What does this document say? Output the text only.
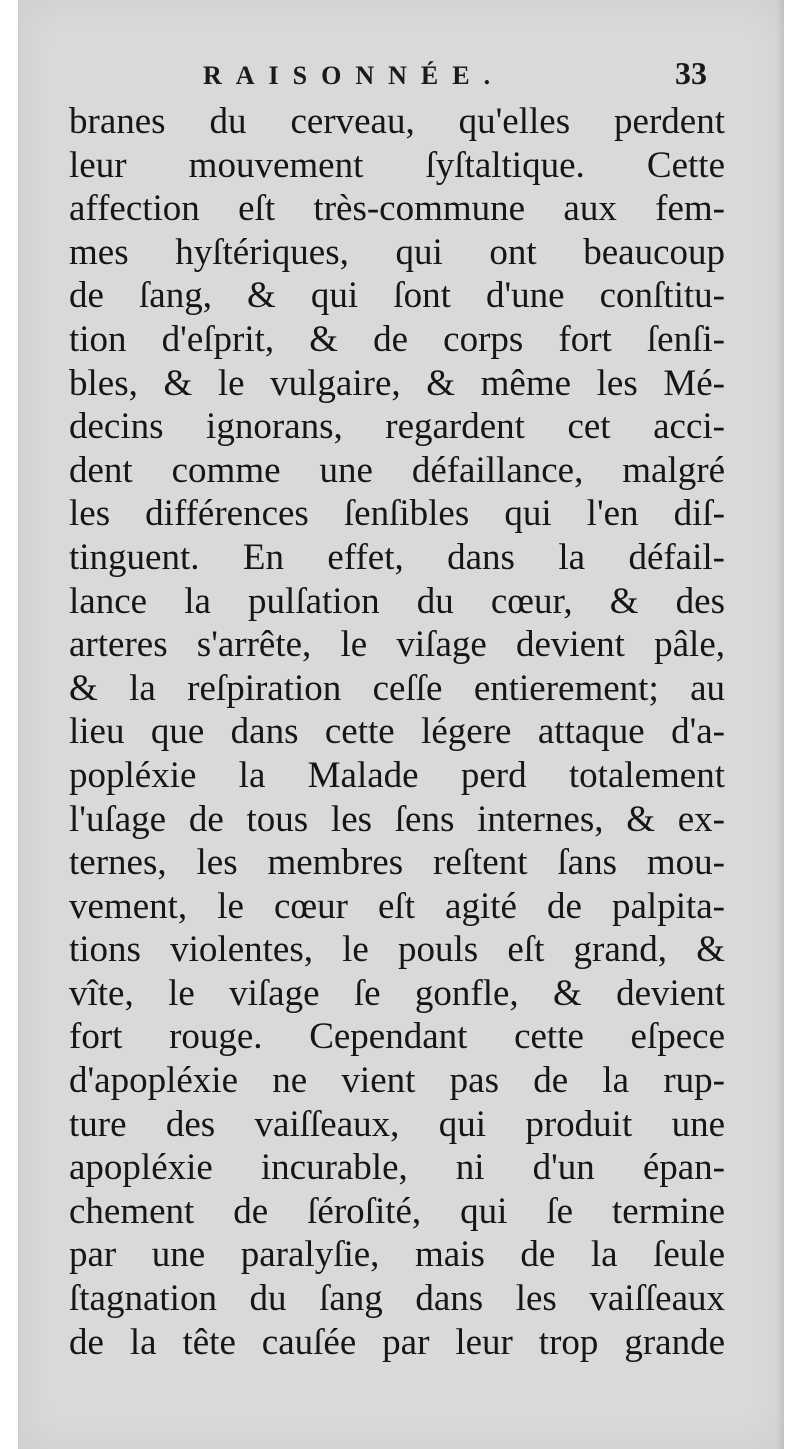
RAISONNÉE.	33
branes du cerveau, qu'elles perdent
leur mouvement ſyſtaltique. Cette
affection eſt très-commune aux fem-
mes hyſtériques, qui ont beaucoup
de ſang, & qui ſont d'une conſtitu-
tion d'eſprit, & de corps fort ſenſi-
bles, & le vulgaire, & même les Mé-
decins ignorans, regardent cet acci-
dent comme une défaillance, malgré
les différences ſenſibles qui l'en diſ-
tinguent. En effet, dans la défail-
lance la pulſation du cœur, & des
arteres s'arrête, le viſage devient pâle,
& la reſpiration ceſſe entierement; au
lieu que dans cette légere attaque d'a-
popléxie la Malade perd totalement
l'uſage de tous les ſens internes, & ex-
ternes, les membres reſtent ſans mou-
vement, le cœur eſt agité de palpita-
tions violentes, le pouls eſt grand, &
vîte, le viſage ſe gonfle, & devient
fort rouge. Cependant cette eſpece
d'apopléxie ne vient pas de la rup-
ture des vaiſſeaux, qui produit une
apopléxie incurable, ni d'un épan-
chement de ſéroſité, qui ſe termine
par une paralyſie, mais de la ſeule
ſtagnation du ſang dans les vaiſſeaux
de la tête cauſée par leur trop grande
